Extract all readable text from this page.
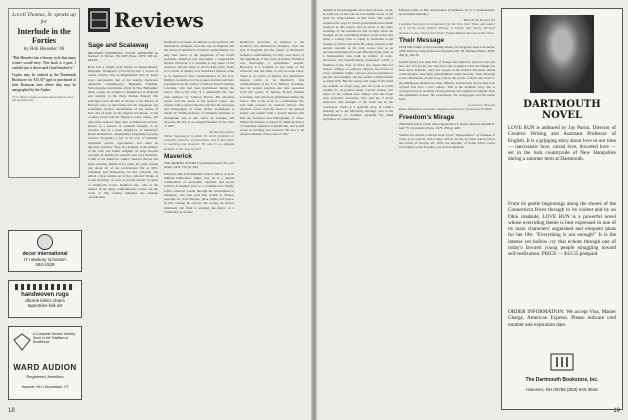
Locell Thomas, Sr. speaks up for
Interlude in the Forties
by Bob Heussler '46

"Bob Heussler has a literary style that many writers would envy. This book is a gem. I couldn't put it down until I had finished it."

Copies may be ordered at the Dartmouth Bookstore for $13.55* ppd or purchased at Jane Rousseau tone where they may be autographed by the Author.

*(Ltw, Sheerer Charge accepted. Please indicate card # and expiration date.

Reviews
Sage and Scalawag
BENJAMIN THOMPSON, COUNT RUMFORD by Sanborn C. Brown. The MIT Press, 1979. 238 pp. $16.95

Born into a simple farm family in Massachusetts, Benjamin Thompson (1753-1814) left a record of varied activity and accomplishment that in many ways overwhelms that of his equally celebrated American contemporary, Benjamin Franklin. Schoolteacher and militia officer in New Hampshire when young, he acquired a knighthood in England and nobility in the Holy Roman Empire. His principal social reforms as adviser to the Elector of Bavaria were so innovative that his ingenious and sometimes incisive experiments on the nature of heat and of light, in his myriad inventions, in his cooking stoves and his fireplace ovens, lamps, and drip coffee makers. Why, then, is Rumford not better known as a pioneer of scientific thought, as an inventor and as a great benefactor of humanity? Brash mannerism, contemptibly forgetting everyday sources, frequently a spy in the pay of mutually invariable spaces, opportunists and often an unlovely character. That, in a nutshell, is the disaster of his wife and infant daughter, in large fireside accounts of Rumford's peaceful and cozy Rumford, Count of the Rumford. Author Sanborn Brown has been pursuing Rumford for some 40 years, during just about all of his professional life at MIT. Scholarly and industrious, he has collected and edited a five-volume set of the Collected Works of Count Rumford, as well as several briefer accounts of Rumford's works. Rumford lies, who is the subject of his many comprehensive works, but the work of this writing mitigates the damage considerably.

Rumford's successes, in addition to the technical and mechanical triumphs, were his stay in England and the nature of Rumford's technical achievements, for they were never of the magnitude of his social problems. Rumford was thoroughly a sympathetic teacher. However, it is possible to any sense of his character. Just the same, it can't be done today. There is no doubt of dismay how Rumford's interest came to be Rumford's first commandment of the U.S. Military Academy, how he wound, married, and later separated from the widow of famous French chemist Lavoisier, who had been guillotined during the Terror. This is the story of a remarkable life, told with patience by Sanborn Brown. His narrative serves well the needs of the general reader, and readers with a special interest will find the footnotes and bibliography of value. Walter Stockmayer is Albert W. Smith professor of chemistry emeritus at Dartmouth, and is still active in teaching and research. He also is an adopted member of the class of 1927.

Walter Stockmayer

Walter Stockmayer is Albert W. Smith professor of chemistry emeritus at Dartmouth, and is still active in teaching and research. He also is an adopted member of the class of 1927.

Maverick
THE SEARING SOCIETY by Edward Lamb '24. Lyle Stuart, 1979. 272 pp. $12.

Edward Lamb is Dartmouth's richest radical or most militant millionaire. Either way, he is a unique combination of successful capitalist and social activist. A member born to a working-class family, Lamb achieved wealth through his investments in industries, and then used that wealth to finance crusades for civil liberties, labor rights, and peace. In this volume he surveys the society he knows intimately and finds it wanting, the mirror of a civilization in decline.

Rumford's successes, in addition to the technical and mechanical triumphs, were his stay in England and the nature of Rumford's technical achievements, for they were never of the magnitude of his social problems. Rumford was thoroughly a sympathetic teacher. However, it is possible to any sense of his character. Just the same, it can't be done today. There is no doubt of dismay how Rumford's interest came to be Rumford's first commandment of the U.S. Military Academy, how he wound, married, and later separated from the widow of famous French chemist Lavoisier, who had been guillotined during the Terror. This is the story of a remarkable life, told with patience by Sanborn Brown. His narrative serves well the needs of the general reader, and readers with a special interest will find the footnotes and bibliography of value. Walter Stockmayer is Albert W. Smith professor of chemistry emeritus at Dartmouth, and is still active in teaching and research. He also is an adopted member of the class of 1927.

decor international
IT newbury st boston
262-1529
handwoven rugs
dhurrie kilims chairs
tapestries-folk art
A Complete Service Jewelry Store In the Tradition of Excellence
WARD AUDION
Registered Jewellers
Hanover, NH • Woodstock, VT
18

number is interchangeable and a third is back- ed up. In early part of the war, he was further aware of the need for improvement in this field. The author explored the ways in which governments have made progress in this regard, and he looks at the inner workings of the institutions that brought about the changes. In his concluding chapter, Lamb writes that when a country fails to adjust to inevitable social change, it will be cast aside. His sharp analysis is the natural outcome of his long career, first as an attorney defending labor and minority rights, later as a businessman who built an empire of radio, television, and manufacturing companies. Lamb, a member of the class of 1924, also found time for tireless writing on political subjects and travel to every continent. Lamb, a lawyer, does not hesitate to put his views bluntly, and his readers will find much to argue with. But the energy and range of his mind are evident on every page, and the book is worth reading for its passion alone. Certain readers will object to the strident tone. Others will take issue with particular assertions. Few will put it down unmoved. The strength of the book lies in the conclusion. There is a splendid story of Lamb's standing up to the McCarthy hearings, and of his determination to continue speaking his mind regardless of consequences.

Edward Lamb. A fine entrepreneur in business, he is a warm-hearted, good-willed capitalist.

Bernard D. Nossiter '47

Longtime European correspondent for the New York Times and author of a recent social history, Britain: A Future that Works, Bernard Nossiter is now chief of The Times' United Nations Bureau in New York.

Their Message
HOW WE LIVED: A Documentary History of Immigrant Jews in America, 1880-1930 by Irving Howe and Kenneth Libo '59. Richard Marek, 1979. 360 pp. $22.50

Jewish history has been full of change and upheaval, but how fast and how far? It is for the Jew who has come to America that the change has been most dramatic. Very few people in the Eastern European shtetls could imagine what their grandchildren would become. Their Message is the culmination of that story, told in the words of those who lived it: the immigrants themselves, their children, and the men and women who crossed over into a new culture. This is the dramatic story that is conveyed here in carefully chosen pictures and original documents from the settlement houses, the sweatshops, the synagogues and the union halls.

Laurence L. Edwards

Rabbi Edwards is associate chaplain and director of Dartmouth Hillel.

Freedom's Mirage
TRAVAILS HALF LOAF: Race Separatism in South Africa by Ronald B. Hall '73. Foundation Press, 1979. 183 pp. $16.

Studies has written a serious book on the "independence" of Transkei. It wants us to observe with a more critical eye the accounts which follow the events of October 26, 1976, the Republic of South Africa ceded sovereignty to the Transkei, one of its homelands.

DARTMOUTH NOVEL

LOVE RUN is authored by Jay Parini, Director of Creative Writing and Assistant Professor of English. It is a gripping story about love in our time — narcissistic love, carnal love, thwarted love — set in the lush countryside of New Hampshire during a summer term at Dartmouth.

From its gentle beginnings along the shores of the Connecticut River through to its violent end by an Ohio roadside, LOVE RUN is a powerful novel whose overriding theme is best expressed in one of its main characters' anguished and eloquent pleas for her life: "Everything is not enough!" It is the intense yet hollow cry that echoes through one of today's favored young people struggling toward self-realization. PRICE — $12.55 postpaid

ORDER INFORMATION: We accept Visa, Master Charge, American Express. Please indicate card number and expiration date.

The Dartmouth Bookstore, Inc.
Hanover, NH 03755 (603) 643-3616
19
